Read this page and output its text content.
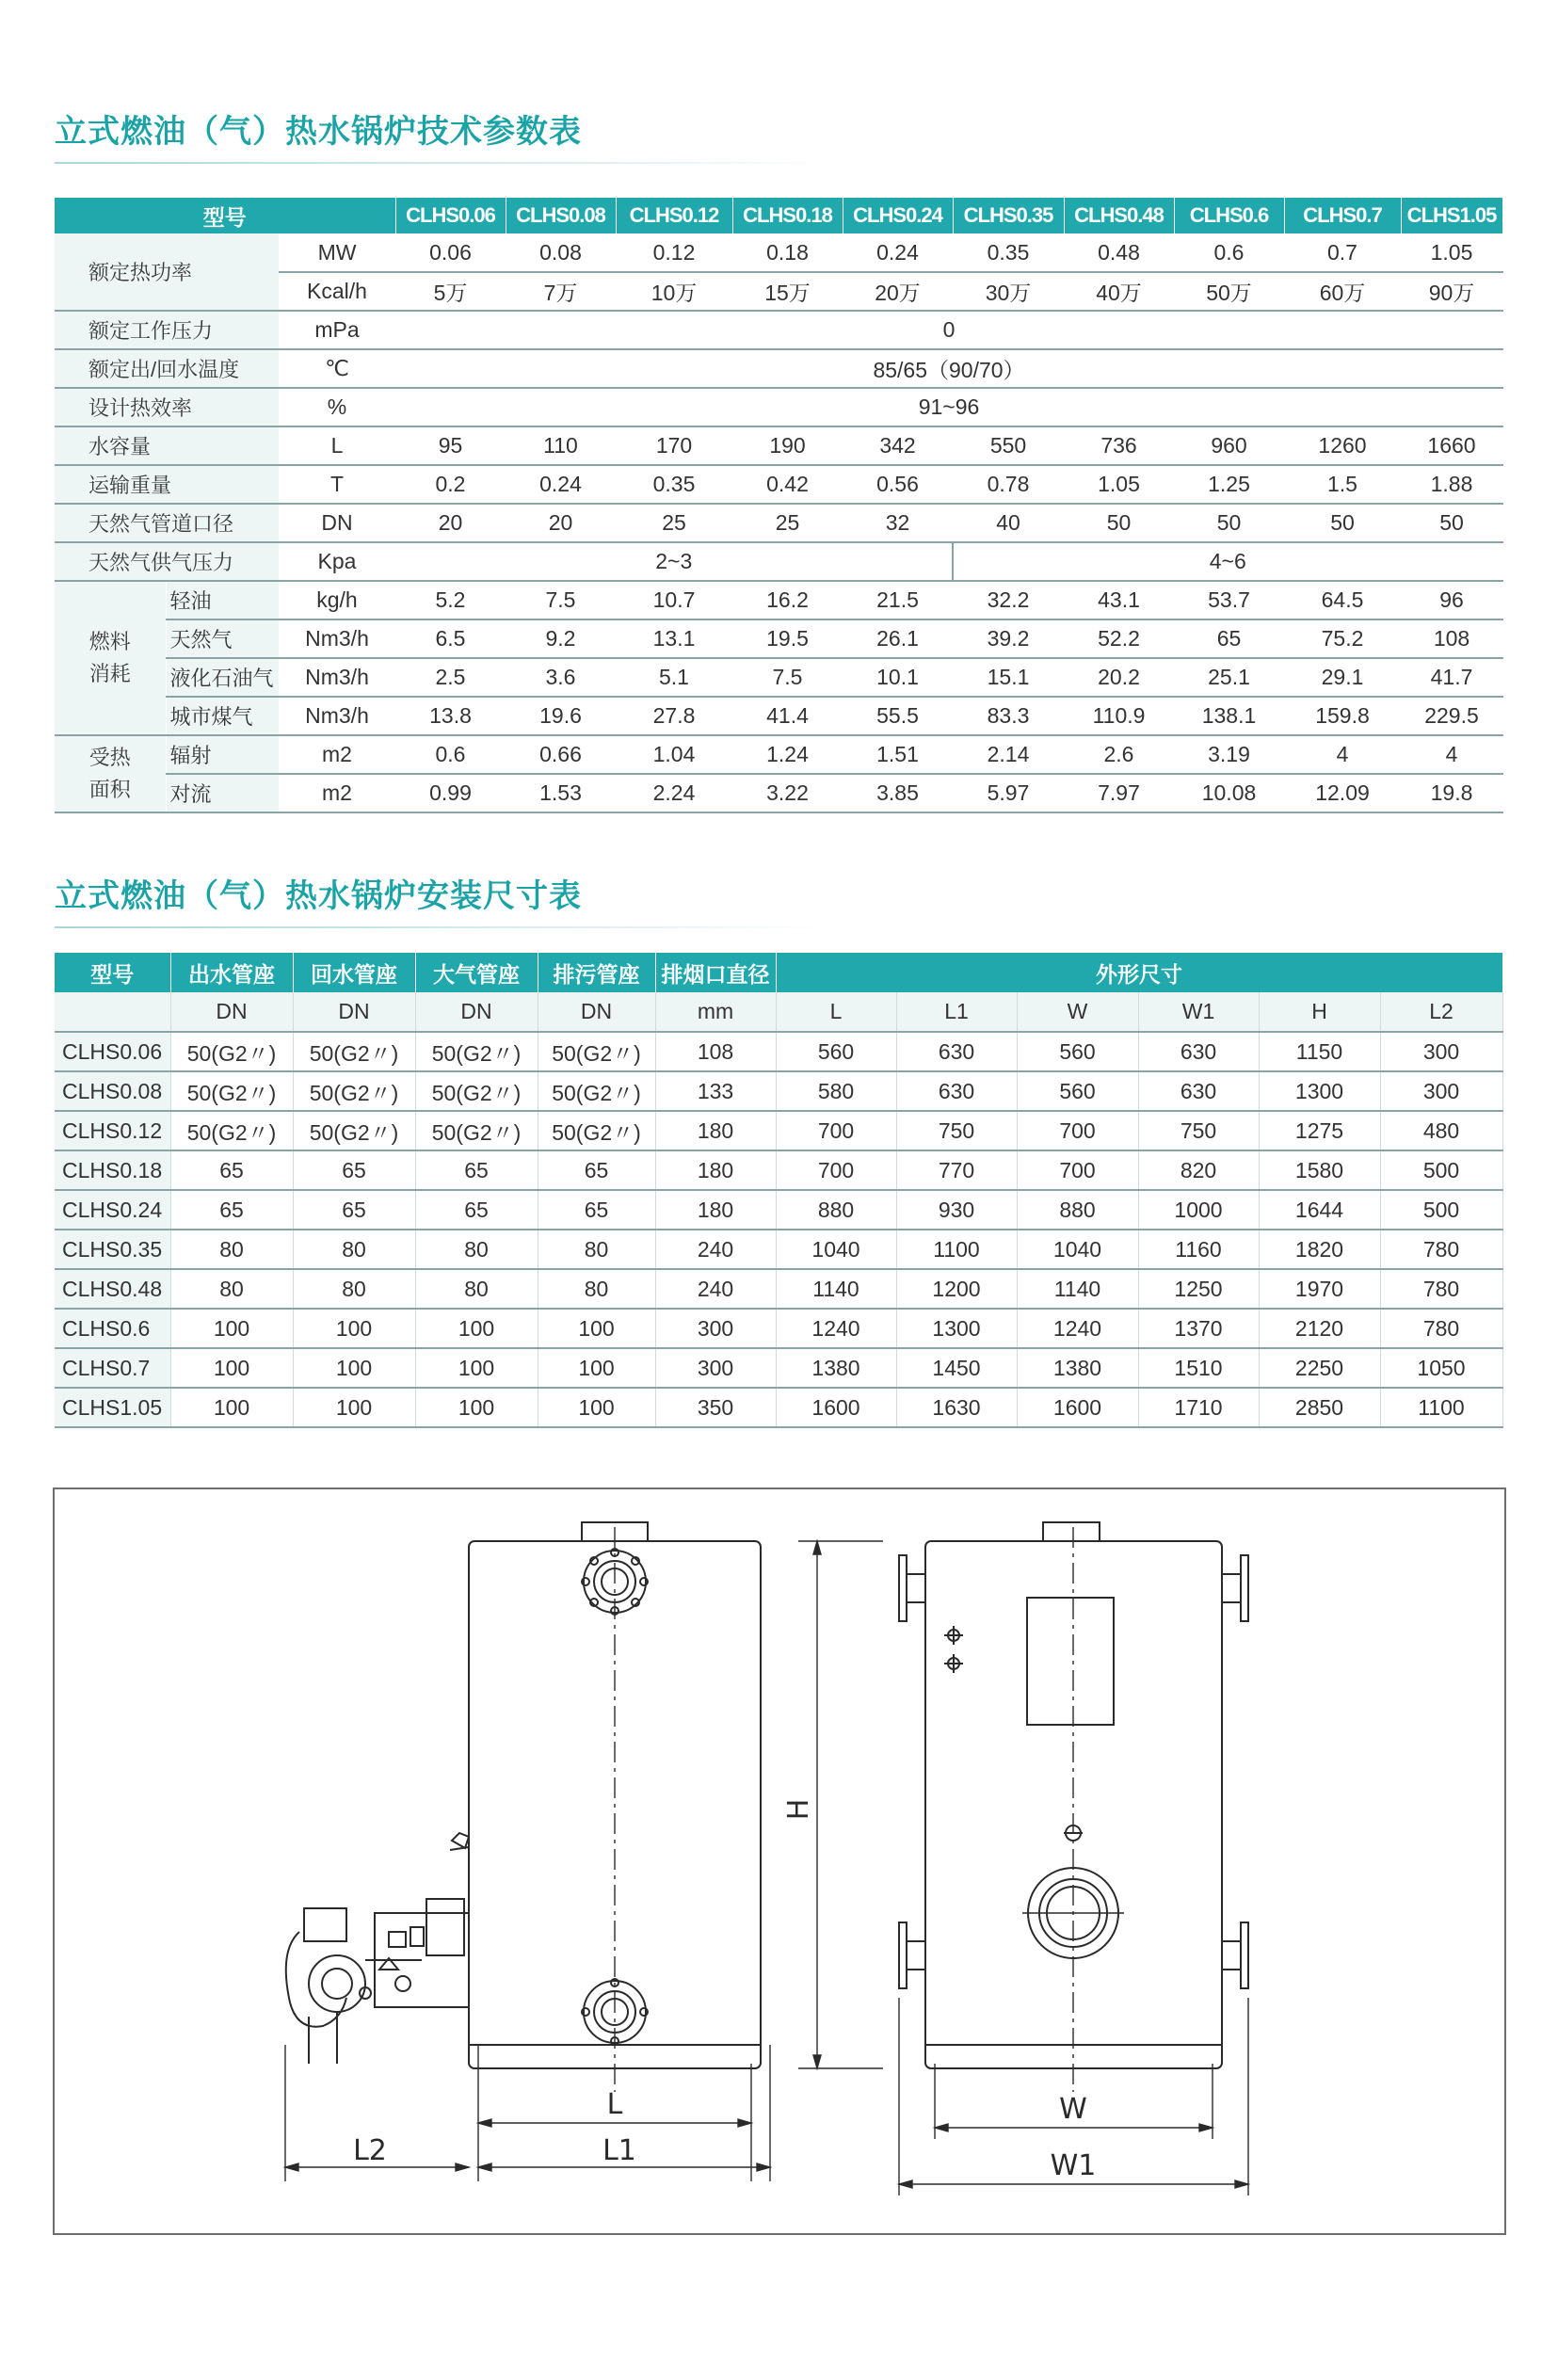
立式燃油（气）热水锅炉技术参数表
型号			CLHS0.06	CLHS0.08	CLHS0.12	CLHS0.18	CLHS0.24	CLHS0.35	CLHS0.48	CLHS0.6	CLHS0.7	CLHS1.05
额定热功率		MW	0.06	0.08	0.12	0.18	0.24	0.35	0.48	0.6	0.7	1.05
		Kcal/h	5万	7万	10万	15万	20万	30万	40万	50万	60万	90万
额定工作压力		mPa	0									
额定出/回水温度		℃	85/65（90/70）									
设计热效率		%	91~96									
水容量		L	95	110	170	190	342	550	736	960	1260	1660
运输重量		T	0.2	0.24	0.35	0.42	0.56	0.78	1.05	1.25	1.5	1.88
天然气管道口径		DN	20	20	25	25	32	40	50	50	50	50
天然气供气压力		Kpa	2~3					4~6				
燃料
消耗	轻油	kg/h	5.2	7.5	10.7	16.2	21.5	32.2	43.1	53.7	64.5	96
	天然气	Nm3/h	6.5	9.2	13.1	19.5	26.1	39.2	52.2	65	75.2	108
	液化石油气	Nm3/h	2.5	3.6	5.1	7.5	10.1	15.1	20.2	25.1	29.1	41.7
	城市煤气	Nm3/h	13.8	19.6	27.8	41.4	55.5	83.3	110.9	138.1	159.8	229.5
受热
面积	辐射	m2	0.6	0.66	1.04	1.24	1.51	2.14	2.6	3.19	4	4
	对流	m2	0.99	1.53	2.24	3.22	3.85	5.97	7.97	10.08	12.09	19.8
立式燃油（气）热水锅炉安装尺寸表
型号	出水管座	回水管座	大气管座	排污管座	排烟口直径	外形尺寸					
	DN	DN	DN	DN	mm	L	L1	W	W1	H	L2
CLHS0.06	50(G2〃)	50(G2〃)	50(G2〃)	50(G2〃)	108	560	630	560	630	1150	300
CLHS0.08	50(G2〃)	50(G2〃)	50(G2〃)	50(G2〃)	133	580	630	560	630	1300	300
CLHS0.12	50(G2〃)	50(G2〃)	50(G2〃)	50(G2〃)	180	700	750	700	750	1275	480
CLHS0.18	65	65	65	65	180	700	770	700	820	1580	500
CLHS0.24	65	65	65	65	180	880	930	880	1000	1644	500
CLHS0.35	80	80	80	80	240	1040	1100	1040	1160	1820	780
CLHS0.48	80	80	80	80	240	1140	1200	1140	1250	1970	780
CLHS0.6	100	100	100	100	300	1240	1300	1240	1370	2120	780
CLHS0.7	100	100	100	100	300	1380	1450	1380	1510	2250	1050
CLHS1.05	100	100	100	100	350	1600	1630	1600	1710	2850	1100
L
L1
L2
W
W1
H
